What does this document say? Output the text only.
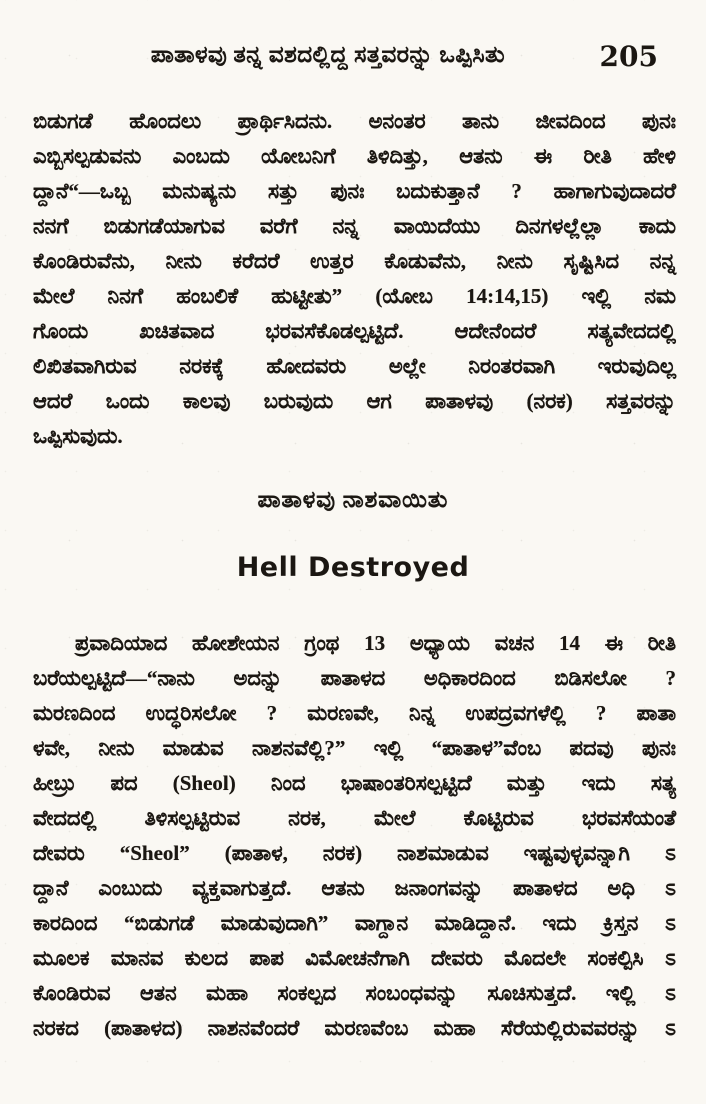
ಪಾತಾಳವು ತನ್ನ ವಶದಲ್ಲಿದ್ದ ಸತ್ತವರನ್ನು ಒಪ್ಪಿಸಿತು	205
ಬಿಡುಗಡೆ ಹೊಂದಲು ಪ್ರಾರ್ಥಿಸಿದನು. ಅನಂತರ ತಾನು ಜೀವದಿಂದ ಪುನಃ
ಎಬ್ಬಿಸಲ್ಪಡುವನು ಎಂಬದು ಯೋಬನಿಗೆ ತಿಳಿದಿತ್ತು, ಆತನು ಈ ರೀತಿ ಹೇಳಿ
ದ್ದಾನೆ“—ಒಬ್ಬ ಮನುಷ್ಯನು ಸತ್ತು ಪುನಃ ಬದುಕುತ್ತಾನೆ ? ಹಾಗಾಗುವುದಾದರೆ
ನನಗೆ ಬಿಡುಗಡೆಯಾಗುವ ವರೆಗೆ ನನ್ನ ವಾಯಿದೆಯು ದಿನಗಳಲ್ಲೆಲ್ಲಾ ಕಾದು
ಕೊಂಡಿರುವೆನು, ನೀನು ಕರೆದರೆ ಉತ್ತರ ಕೊಡುವೆನು, ನೀನು ಸೃಷ್ಟಿಸಿದ ನನ್ನ
ಮೇಲೆ ನಿನಗೆ ಹಂಬಲಿಕೆ ಹುಟ್ಟೀತು” (ಯೋಬ 14:14,15) ಇಲ್ಲಿ ನಮ
ಗೊಂದು ಖಚಿತವಾದ ಭರವಸೆಕೊಡಲ್ಪಟ್ಟಿದೆ. ಆದೇನೆಂದರೆ ಸತ್ಯವೇದದಲ್ಲಿ
ಲಿಖಿತವಾಗಿರುವ ನರಕಕ್ಕೆ ಹೋದವರು ಅಲ್ಲೇ ನಿರಂತರವಾಗಿ ಇರುವುದಿಲ್ಲ
ಆದರೆ ಒಂದು ಕಾಲವು ಬರುವುದು ಆಗ ಪಾತಾಳವು (ನರಕ) ಸತ್ತವರನ್ನು
ಒಪ್ಪಿಸುವುದು.
ಪಾತಾಳವು ನಾಶವಾಯಿತು
Hell Destroyed
ಪ್ರವಾದಿಯಾದ ಹೋಶೇಯನ ಗ್ರಂಥ 13 ಅಧ್ಯಾಯ ವಚನ 14 ಈ ರೀತಿ
ಬರೆಯಲ್ಪಟ್ಟಿದೆ—“ನಾನು ಅದನ್ನು ಪಾತಾಳದ ಅಧಿಕಾರದಿಂದ ಬಿಡಿಸಲೋ ?
ಮರಣದಿಂದ ಉದ್ಧರಿಸಲೋ ? ಮರಣವೇ, ನಿನ್ನ ಉಪದ್ರವಗಳೆಲ್ಲಿ ? ಪಾತಾ
ಳವೇ, ನೀನು ಮಾಡುವ ನಾಶನವೆಲ್ಲಿ?” ಇಲ್ಲಿ “ಪಾತಾಳ”ವೆಂಬ ಪದವು ಪುನಃ
ಹೀಬ್ರು ಪದ (Sheol) ನಿಂದ ಭಾಷಾಂತರಿಸಲ್ಪಟ್ಟಿದೆ ಮತ್ತು ಇದು ಸತ್ಯ
ವೇದದಲ್ಲಿ ತಿಳಿಸಲ್ಪಟ್ಟಿರುವ ನರಕ, ಮೇಲೆ ಕೊಟ್ಟಿರುವ ಭರವಸೆಯಂತೆ
ದೇವರು “Sheol” (ಪಾತಾಳ, ನರಕ) ನಾಶಮಾಡುವ ಇಷ್ಟವುಳ್ಳವನ್ನಾಗಿ ಽ
ದ್ದಾನೆ ಎಂಬುದು ವ್ಯಕ್ತವಾಗುತ್ತದೆ. ಆತನು ಜನಾಂಗವನ್ನು ಪಾತಾಳದ ಅಧಿ ಽ
ಕಾರದಿಂದ “ಬಿಡುಗಡೆ ಮಾಡುವುದಾಗಿ” ವಾಗ್ದಾನ ಮಾಡಿದ್ದಾನೆ. ಇದು ಕ್ರಿಸ್ತನ ಽ
ಮೂಲಕ ಮಾನವ ಕುಲದ ಪಾಪ ವಿಮೋಚನೆಗಾಗಿ ದೇವರು ಮೊದಲೇ ಸಂಕಲ್ಪಿಸಿ ಽ
ಕೊಂಡಿರುವ ಆತನ ಮಹಾ ಸಂಕಲ್ಪದ ಸಂಬಂಧವನ್ನು ಸೂಚಿಸುತ್ತದೆ. ಇಲ್ಲಿ ಽ
ನರಕದ (ಪಾತಾಳದ) ನಾಶನವೆಂದರೆ ಮರಣವೆಂಬ ಮಹಾ ಸೆರೆಯಲ್ಲಿರುವವರನ್ನು ಽ
